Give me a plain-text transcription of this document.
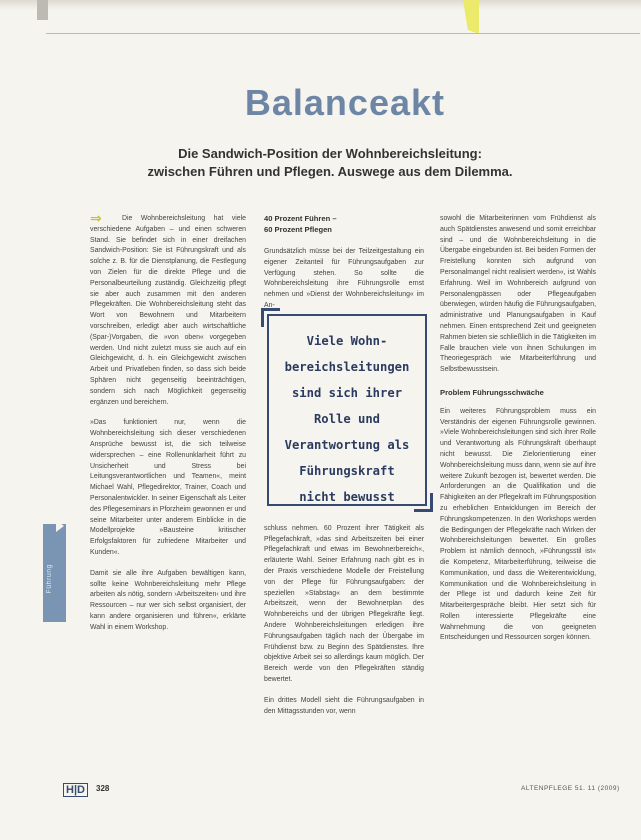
Balanceakt
Die Sandwich-Position der Wohnbereichsleitung:
zwischen Führen und Pflegen. Auswege aus dem Dilemma.
⇒	Die Wohnbereichsleitung hat viele verschiedene Aufgaben – und einen schweren Stand. Sie befindet sich in einer dreifachen Sandwich-Position: Sie ist Führungskraft und als solche z. B. für die Dienstplanung, die Festlegung von Zielen für die direkte Pflege und die Personalbeurteilung zuständig. Gleichzeitig pflegt sie aber auch zusammen mit den anderen Pflegekräften. Die Wohnbereichsleitung steht das Wort von Bewohnern und Mitarbeitern vorschreiben, erledigt aber auch wirtschaftliche (Spar-)Vorgaben, die »von oben« vorgegeben werden. Und nicht zuletzt muss sie auch auf ein Gleichgewicht, d. h. ein Gleichgewicht zwischen Arbeit und Privatleben finden, so dass sich beide Sphären nicht gegenseitig beeinträchtigen, sondern sich nach Möglichkeit gegenseitig ergänzen und bereichern.

»Das funktioniert nur, wenn die Wohnbereichsleitung sich dieser verschiedenen Ansprüche bewusst ist, die sich teilweise widersprechen – eine Rollenunklarheit führt zu Unsicherheit und Stress bei Leitungsverantwortlichen und Teamen«, meint Michael Wahl, Pflegedirektor, Trainer, Coach und Personalentwickler. In seiner Eigenschaft als Leiter des Pflegeseminars in Pforzheim gewonnen er und seine Mitarbeiter unter anderem Einblicke in die Modellprojekte »Bausteine kritischer Erfolgsfaktoren für zufriedene Mitarbeiter und Kunden«.

Damit sie alle ihre Aufgaben bewältigen kann, sollte keine Wohnbereichsleitung mehr Pflege arbeiten als nötig, sondern ›Arbeitszeiten‹ und ihre Ressourcen – nur wer sich selbst organisiert, der kann andere organisieren und führen«, erklärte Wahl in einem Workshop.

40 Prozent Führen –
60 Prozent Pflegen

Grundsätzlich müsse bei der Teilzeitgestaltung ein eigener Zeitanteil für Führungsaufgaben zur Verfügung stehen. So sollte die Wohnbereichsleitung ihre Führungsrolle ernst nehmen und »Dienst der Wohnbereichsleitung« im An-

schluss nehmen. 60 Prozent ihrer Tätigkeit als Pflegefachkraft, »das sind Arbeitszeiten bei einer Pflegefachkraft und etwas im Bewohnerbereich«, erläuterte Wahl. Seiner Erfahrung nach gibt es in der Praxis verschiedene Modelle der Freistellung von der Pflege für Führungsaufgaben: der speziellen »Stabstag« an dem bestimmte Arbeitszeit, wenn der Bewohnerplan des Wohnbereichs und der übrigen Pflegekräfte liegt. Andere Wohnbereichsleitungen erledigen ihre Führungsaufgaben täglich nach der Übergabe im Frühdienst bzw. zu Beginn des Spätdienstes. Ihre objektive Arbeit sei so allerdings kaum möglich. Der Bereich werde von den Pflegekräften ständig bewertet.

Ein drittes Modell sieht die Führungsaufgaben in den Mittagsstunden vor, wenn

Viele Wohn-
bereichsleitungen
sind sich ihrer
Rolle und
Verantwortung als
Führungskraft
nicht bewusst

sowohl die Mitarbeiterinnen vom Frühdienst als auch Spätdienstes anwesend und somit erreichbar sind – und die Wohnbereichsleitung in die Übergabe eingebunden ist. Bei beiden Formen der Freistellung konnten sich aufgrund von Personalmangel nicht realisiert werden«, ist Wahls Erfahrung. Weil im Wohnbereich aufgrund von Personalengpässen oder Pflegeaufgaben überwiegen, würden häufig die Führungsaufgaben, administrative und Planungsaufgaben in Kauf nehmen. Einen entsprechend Zeit und geeigneten Rahmen bieten sie schließlich in die Tätigkeiten im Falle brauchen viele von ihnen Schulungen im Theoriegespräch wie Mitarbeiterführung und Selbstbewusstsein.

Problem Führungsschwäche

Ein weiteres Führungsproblem muss ein Verständnis der eigenen Führungsrolle gewinnen. »Viele Wohnbereichsleitungen sind sich ihrer Rolle und Verantwortung als Führungskraft überhaupt nicht bewusst. Die Zielorientierung einer Wohnbereichsleitung muss dann, wenn sie auf ihre weitere Zukunft bezogen ist, bewertet werden. Die Anforderungen an die Qualifikation und die Fähigkeiten an der Pflegekraft im Führungsposition zu erheblichen Entwicklungen im Bereich der Führungskompetenzen. In den Workshops werden die Bedingungen der Pflegekräfte nach Wirken der Wohnbereichsleitungen bewertet. Ein großes Problem ist nämlich dennoch, »Führungsstil ist« die Kompetenz, Mitarbeiterführung, teilweise die Kommunikation, und dass die Weiterentwicklung, Kommunikation und die Wohnbereichsleitung in der Pflege ist und dadurch keine Zeit für Mitarbeitergespräche bleibt. Hier setzt sich für Rollen interessierte Pflegekräfte eine Wahrnehmung die von geeigneten Entscheidungen und Ressourcen sorgen können.

Führung
H|D	328	ALTENPFLEGE 51. 11 (2009)
